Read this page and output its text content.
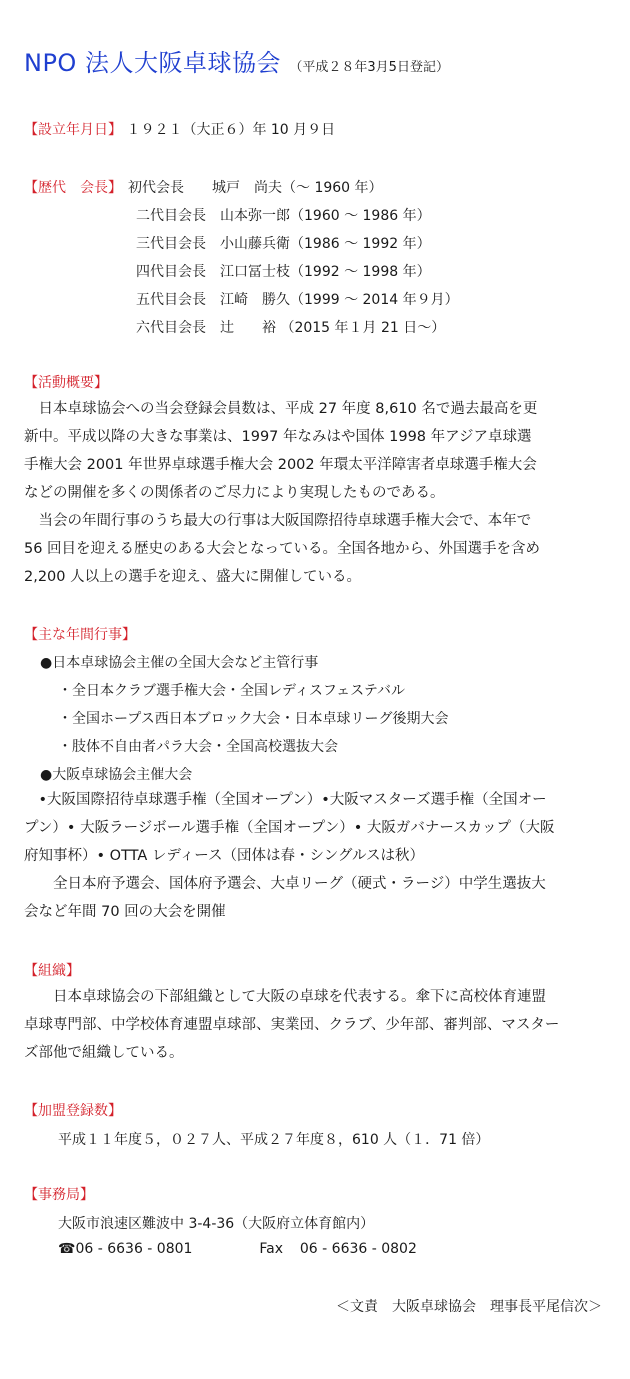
NPO 法人大阪卓球協会 （平成２８年3月5日登記）
【設立年月日】 １９２１（大正６）年 10 月９日
【歴代　会長】 初代会長　　城戸　尚夫（～ 1960 年）
二代目会長　山本弥一郎（1960 ～ 1986 年）
三代目会長　小山藤兵衛（1986 ～ 1992 年）
四代目会長　江口冨士枝（1992 ～ 1998 年）
五代目会長　江崎　勝久（1999 ～ 2014 年９月）
六代目会長　辻　　裕 （2015 年１月 21 日～）
【活動概要】
　日本卓球協会への当会登録会員数は、平成 27 年度 8,610 名で過去最高を更
新中。平成以降の大きな事業は、1997 年なみはや国体 1998 年アジア卓球選
手権大会 2001 年世界卓球選手権大会 2002 年環太平洋障害者卓球選手権大会
などの開催を多くの関係者のご尽力により実現したものである。
　当会の年間行事のうち最大の行事は大阪国際招待卓球選手権大会で、本年で
56 回目を迎える歴史のある大会となっている。全国各地から、外国選手を含め
2,200 人以上の選手を迎え、盛大に開催している。
【主な年間行事】
●日本卓球協会主催の全国大会など主管行事
・全日本クラブ選手権大会・全国レディスフェステバル
・全国ホープス西日本ブロック大会・日本卓球リーグ後期大会
・肢体不自由者パラ大会・全国高校選抜大会
●大阪卓球協会主催大会
　•大阪国際招待卓球選手権（全国オープン）•大阪マスターズ選手権（全国オー
プン）• 大阪ラージボール選手権（全国オープン）• 大阪ガバナースカップ（大阪
府知事杯）• OTTA レディース（団体は春・シングルスは秋）
　　全日本府予選会、国体府予選会、大卓リーグ（硬式・ラージ）中学生選抜大
会など年間 70 回の大会を開催
【組織】
　　日本卓球協会の下部組織として大阪の卓球を代表する。傘下に高校体育連盟
卓球専門部、中学校体育連盟卓球部、実業団、クラブ、少年部、審判部、マスター
ズ部他で組織している。
【加盟登録数】
平成１１年度５，０２７人、平成２７年度８，610 人（１．71 倍）
【事務局】
大阪市浪速区難波中 3-4-36（大阪府立体育館内）
☎06 - 6636 - 0801	Fax 06 - 6636 - 0802
＜文責　大阪卓球協会　理事長平尾信次＞
